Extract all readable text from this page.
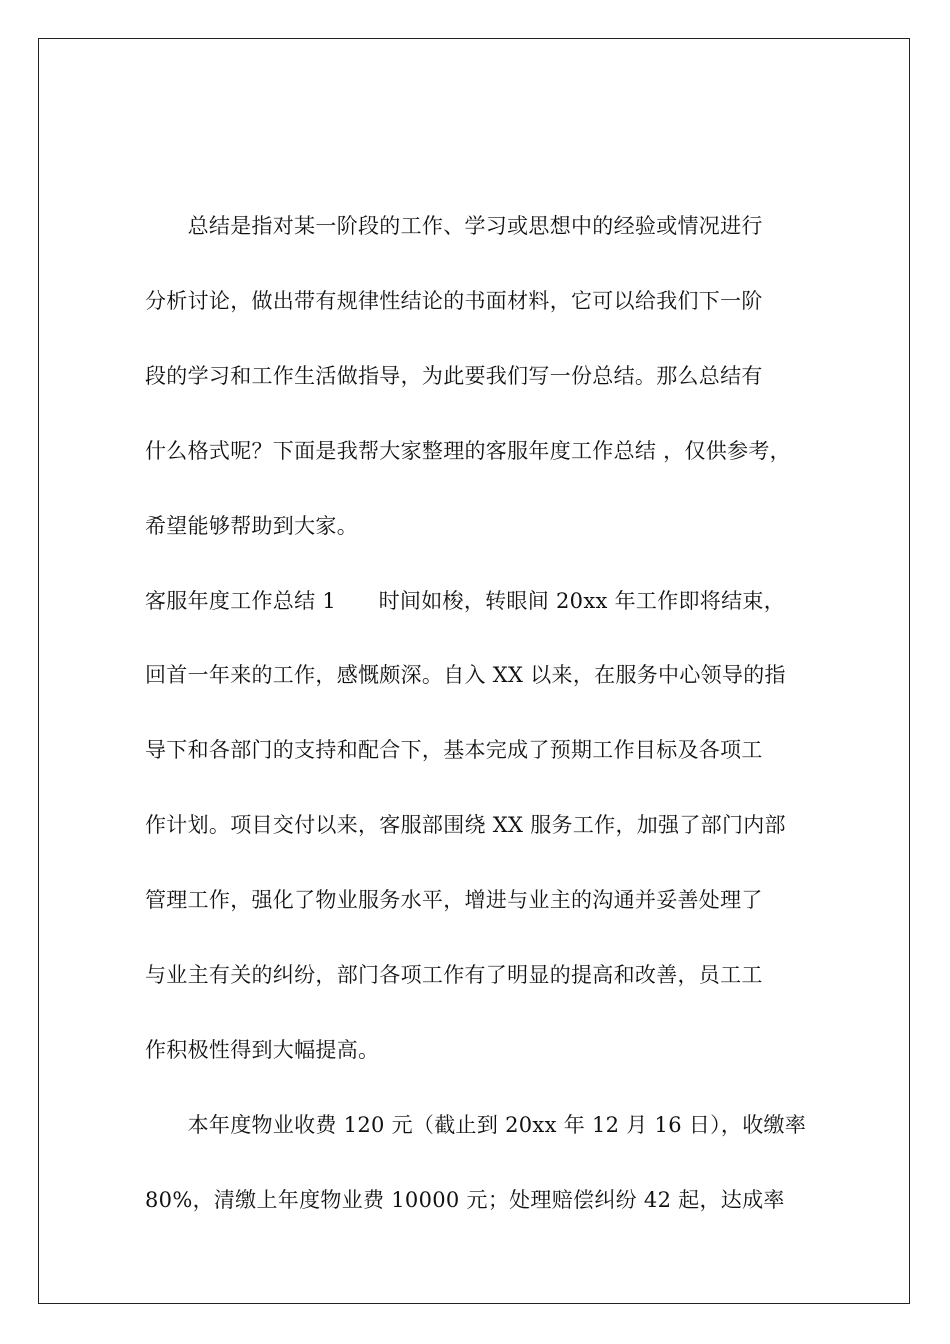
　　总结是指对某一阶段的工作、学习或思想中的经验或情况进行
分析讨论，做出带有规律性结论的书面材料，它可以给我们下一阶
段的学习和工作生活做指导，为此要我们写一份总结。那么总结有
什么格式呢？下面是我帮大家整理的客服年度工作总结 ，仅供参考，
希望能够帮助到大家。
客服年度工作总结 1　　时间如梭，转眼间 20xx 年工作即将结束，
回首一年来的工作，感慨颇深。自入 XX 以来，在服务中心领导的指
导下和各部门的支持和配合下，基本完成了预期工作目标及各项工
作计划。项目交付以来，客服部围绕 XX 服务工作，加强了部门内部
管理工作，强化了物业服务水平，增进与业主的沟通并妥善处理了
与业主有关的纠纷，部门各项工作有了明显的提高和改善，员工工
作积极性得到大幅提高。
　　本年度物业收费 120 元（截止到 20xx 年 12 月 16 日），收缴率
80%，清缴上年度物业费 10000 元；处理赔偿纠纷 42 起，达成率
